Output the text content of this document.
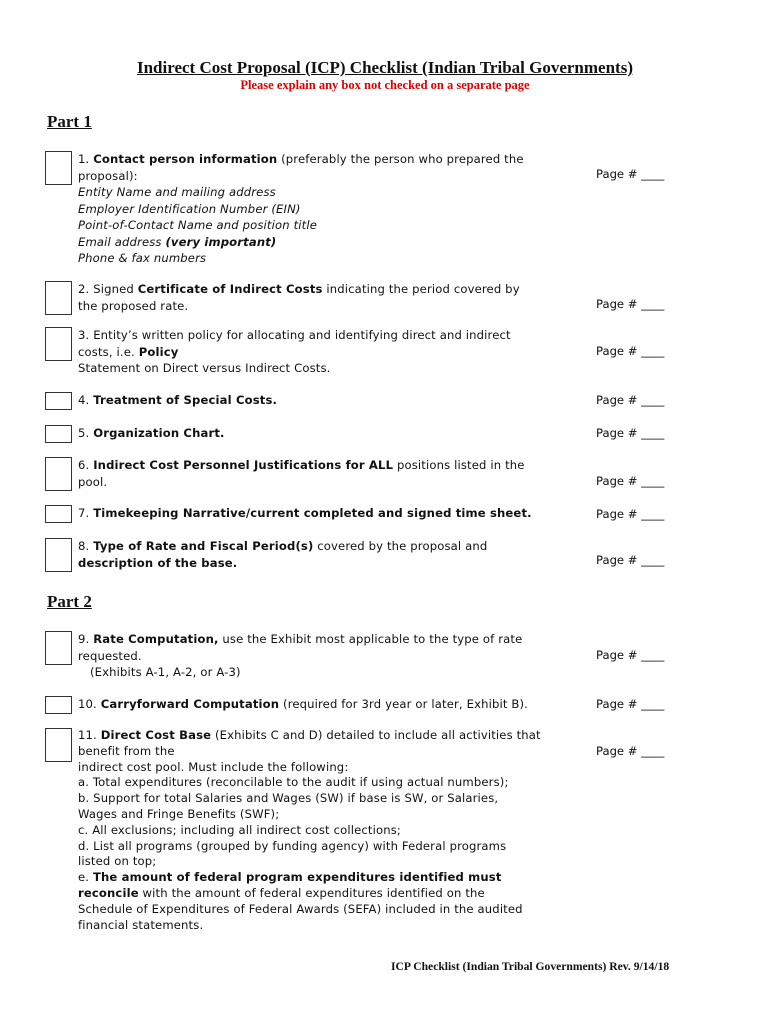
Indirect Cost Proposal (ICP) Checklist (Indian Tribal Governments)
Please explain any box not checked on a separate page
Part 1
1. Contact person information (preferably the person who prepared the
proposal):
Entity Name and mailing address
Employer Identification Number (EIN)
Point-of-Contact Name and position title
Email address (very important)
Phone & fax numbers
Page # ____
2. Signed Certificate of Indirect Costs indicating the period covered by
the proposed rate.	Page # ____
3. Entity’s written policy for allocating and identifying direct and indirect
costs, i.e. Policy
Statement on Direct versus Indirect Costs.
Page # ____
4. Treatment of Special Costs.	Page # ____
5. Organization Chart.	Page # ____
6. Indirect Cost Personnel Justifications for ALL positions listed in the
pool.	Page # ____
7. Timekeeping Narrative/current completed and signed time sheet.	Page # ____
8. Type of Rate and Fiscal Period(s) covered by the proposal and
description of the base.	Page # ____
Part 2
9. Rate Computation, use the Exhibit most applicable to the type of rate
requested.
(Exhibits A-1, A-2, or A-3)
Page # ____
10. Carryforward Computation (required for 3rd year or later, Exhibit B).	Page # ____
11. Direct Cost Base (Exhibits C and D) detailed to include all activities that
benefit from the
indirect cost pool. Must include the following:
a. Total expenditures (reconcilable to the audit if using actual numbers);
b. Support for total Salaries and Wages (SW) if base is SW, or Salaries,
Wages and Fringe Benefits (SWF);
c. All exclusions; including all indirect cost collections;
d. List all programs (grouped by funding agency) with Federal programs
listed on top;
e. The amount of federal program expenditures identified must
reconcile with the amount of federal expenditures identified on the
Schedule of Expenditures of Federal Awards (SEFA) included in the audited
financial statements.
Page # ____
ICP Checklist (Indian Tribal Governments) Rev. 9/14/18
